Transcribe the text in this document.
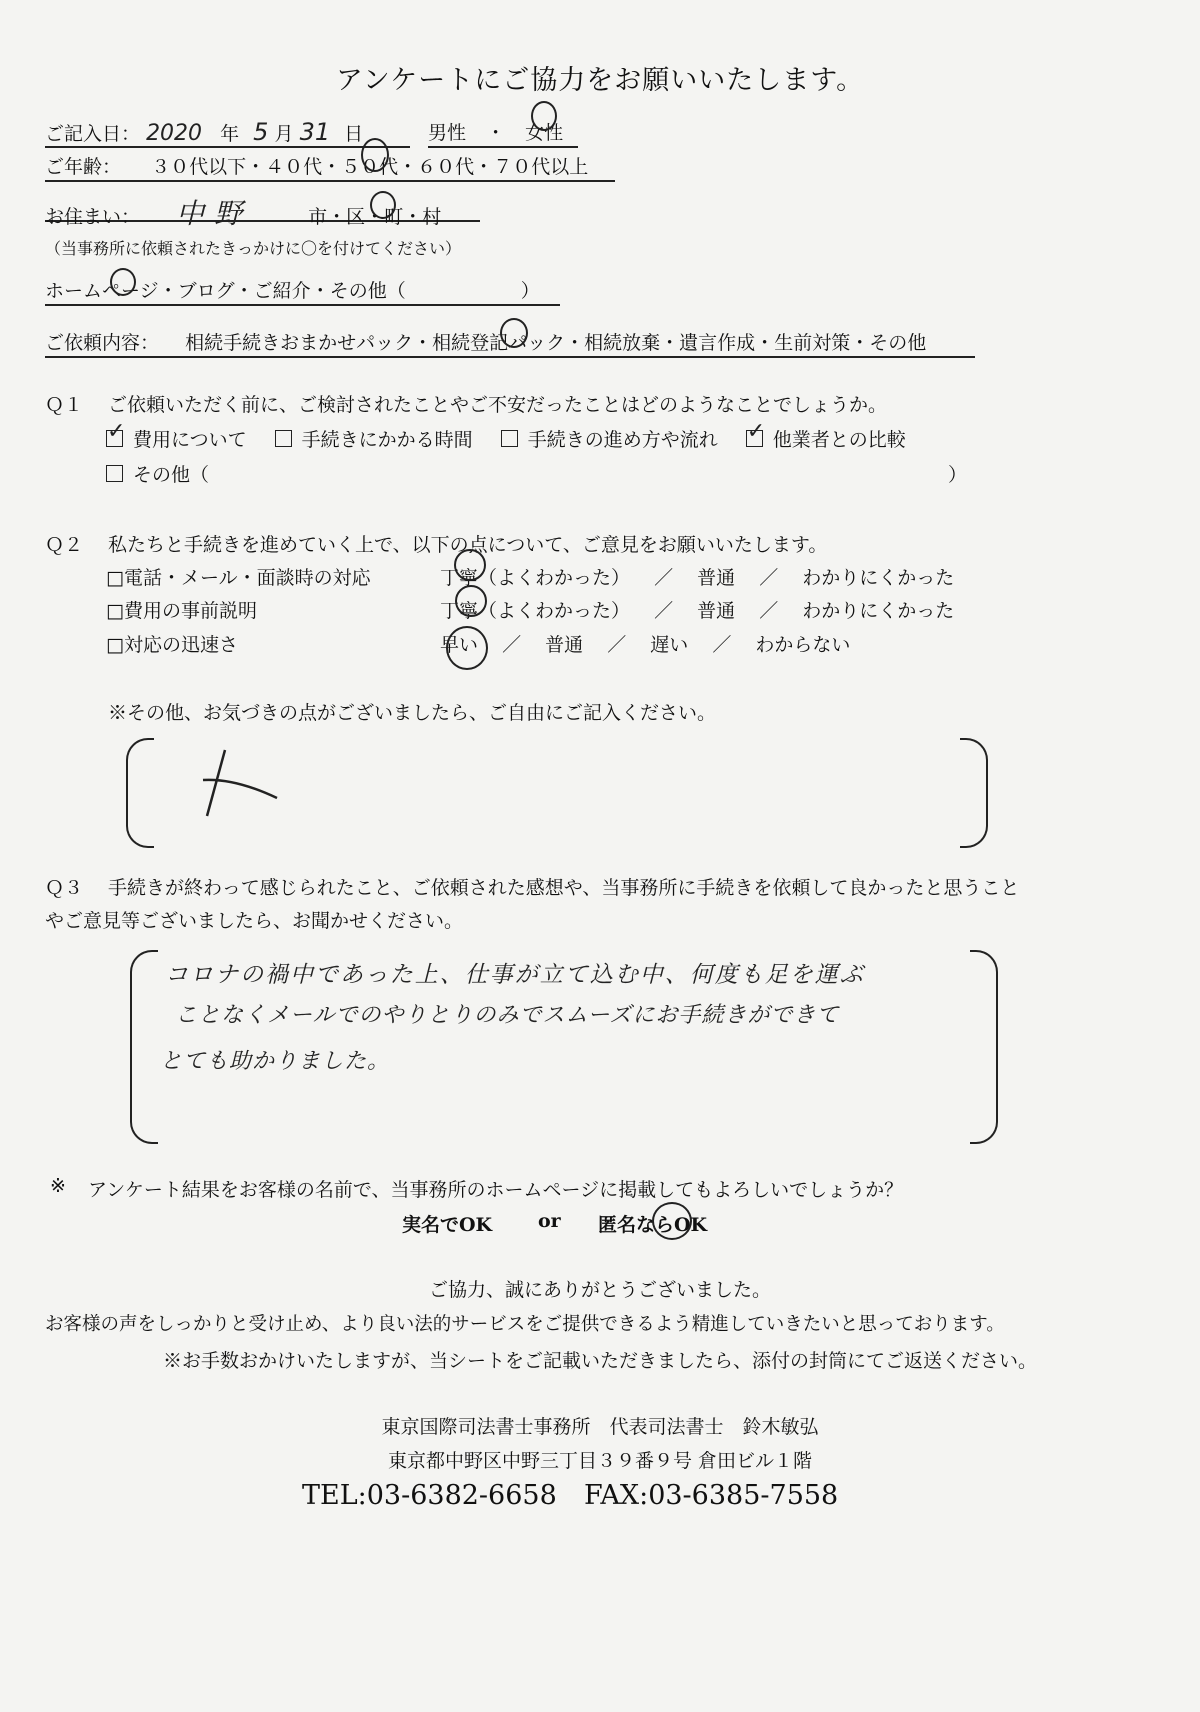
アンケートにご協力をお願いいたします。
ご記入日： 2020 年 5 月 31 日	男性 ・ 女性
ご年齢： ３０代以下・４０代・５０代・６０代・７０代以上
お住まい： 中野	市・区・町・村
（当事務所に依頼されたきっかけに〇を付けてください）
ホームページ・ブログ・ご紹介・その他（	）
ご依頼内容： 相続手続きおまかせパック・相続登記パック・相続放棄・遺言作成・生前対策・その他
Ｑ１ ご依頼いただく前に、ご検討されたことやご不安だったことはどのようなことでしょうか。
✓費用について	手続きにかかる時間	手続きの進め方や流れ ✓	他業者との比較
その他（	）
Ｑ２ 私たちと手続きを進めていく上で、以下の点について、ご意見をお願いいたします。
□電話・メール・面談時の対応	丁寧（よくわかった） ／ 普通 ／ わかりにくかった
□費用の事前説明	丁寧（よくわかった） ／ 普通 ／ わかりにくかった
□対応の迅速さ	早い ／ 普通 ／ 遅い ／ わからない
※その他、お気づきの点がございましたら、ご自由にご記入ください。
Ｑ３ 手続きが終わって感じられたこと、ご依頼された感想や、当事務所に手続きを依頼して良かったと思うこと
やご意見等ございましたら、お聞かせください。
コロナの禍中であった上、仕事が立て込む中、何度も足を運ぶ
ことなくメールでのやりとりのみでスムーズにお手続きができて
とても助かりました。
※ アンケート結果をお客様の名前で、当事務所のホームページに掲載してもよろしいでしょうか？
実名でOK or 匿名ならOK
ご協力、誠にありがとうございました。
お客様の声をしっかりと受け止め、より良い法的サービスをご提供できるよう精進していきたいと思っております。
※お手数おかけいたしますが、当シートをご記載いただきましたら、添付の封筒にてご返送ください。
東京国際司法書士事務所　代表司法書士　鈴木敏弘
東京都中野区中野三丁目３９番９号 倉田ビル１階
TEL:03-6382-6658 FAX:03-6385-7558
